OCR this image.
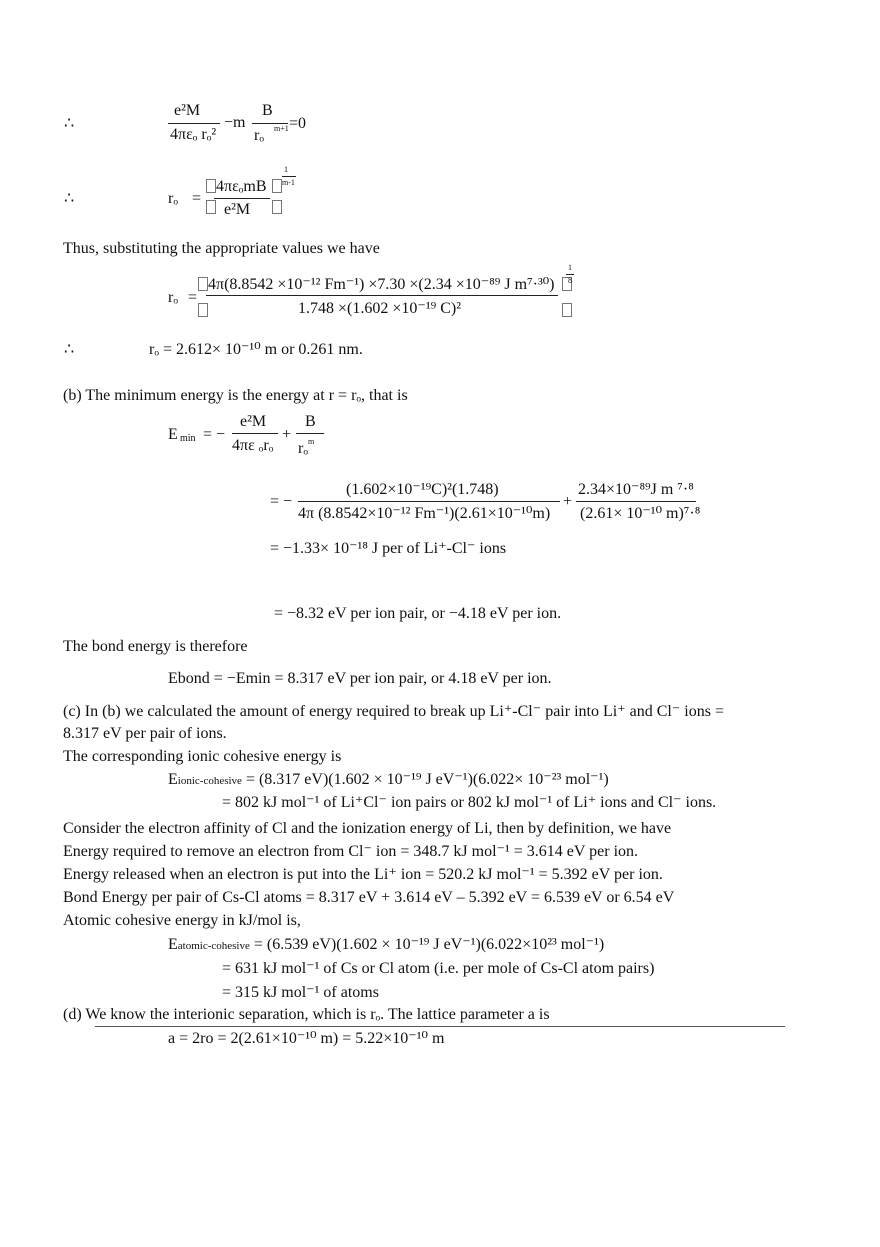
∴
e²M
4πεₒ rₒ²
−m
B
rₒ m+1 =0
∴	rₒ =
4πεₒmB
e²M
1
m-1
Thus, substituting the appropriate values we have
rₒ =
4π(8.8542 ×10⁻¹² Fm⁻¹) ×7.30 ×(2.34 ×10⁻⁸⁹ J m⁷·³⁰)
1.748 ×(1.602 ×10⁻¹⁹ C)²
1
8
∴	rₒ = 2.612× 10⁻¹⁰ m or 0.261 nm.
(b) The minimum energy is the energy at r = rₒ, that is
E min = −
e²M
4πε ₒrₒ
+
B
rₒ m
= −
(1.602×10⁻¹⁹C)²(1.748)
4π (8.8542×10⁻¹² Fm⁻¹)(2.61×10⁻¹⁰m)
+
2.34×10⁻⁸⁹J m ⁷·⁸
(2.61× 10⁻¹⁰ m)⁷·⁸
= −1.33× 10⁻¹⁸ J per of Li⁺-Cl⁻ ions
= −8.32 eV per ion pair, or −4.18 eV per ion.
The bond energy is therefore
Ebond = −Emin = 8.317 eV per ion pair, or 4.18 eV per ion.
(c) In (b) we calculated the amount of energy required to break up Li⁺-Cl⁻ pair into Li⁺ and Cl⁻ ions =
8.317 eV per pair of ions.
The corresponding ionic cohesive energy is
Eionic-cohesive = (8.317 eV)(1.602 × 10⁻¹⁹ J eV⁻¹)(6.022× 10⁻²³ mol⁻¹)
= 802 kJ mol⁻¹ of Li⁺Cl⁻ ion pairs or 802 kJ mol⁻¹ of Li⁺ ions and Cl⁻ ions.
Consider the electron affinity of Cl and the ionization energy of Li, then by definition, we have
Energy required to remove an electron from Cl⁻ ion = 348.7 kJ mol⁻¹ = 3.614 eV per ion.
Energy released when an electron is put into the Li⁺ ion = 520.2 kJ mol⁻¹ = 5.392 eV per ion.
Bond Energy per pair of Cs-Cl atoms = 8.317 eV + 3.614 eV – 5.392 eV = 6.539 eV or 6.54 eV
Atomic cohesive energy in kJ/mol is,
Eatomic-cohesive = (6.539 eV)(1.602 × 10⁻¹⁹ J eV⁻¹)(6.022×10²³ mol⁻¹)
= 631 kJ mol⁻¹ of Cs or Cl atom (i.e. per mole of Cs-Cl atom pairs)
= 315 kJ mol⁻¹ of atoms
(d) We know the interionic separation, which is rₒ. The lattice parameter a is
a = 2ro = 2(2.61×10⁻¹⁰ m) = 5.22×10⁻¹⁰ m
